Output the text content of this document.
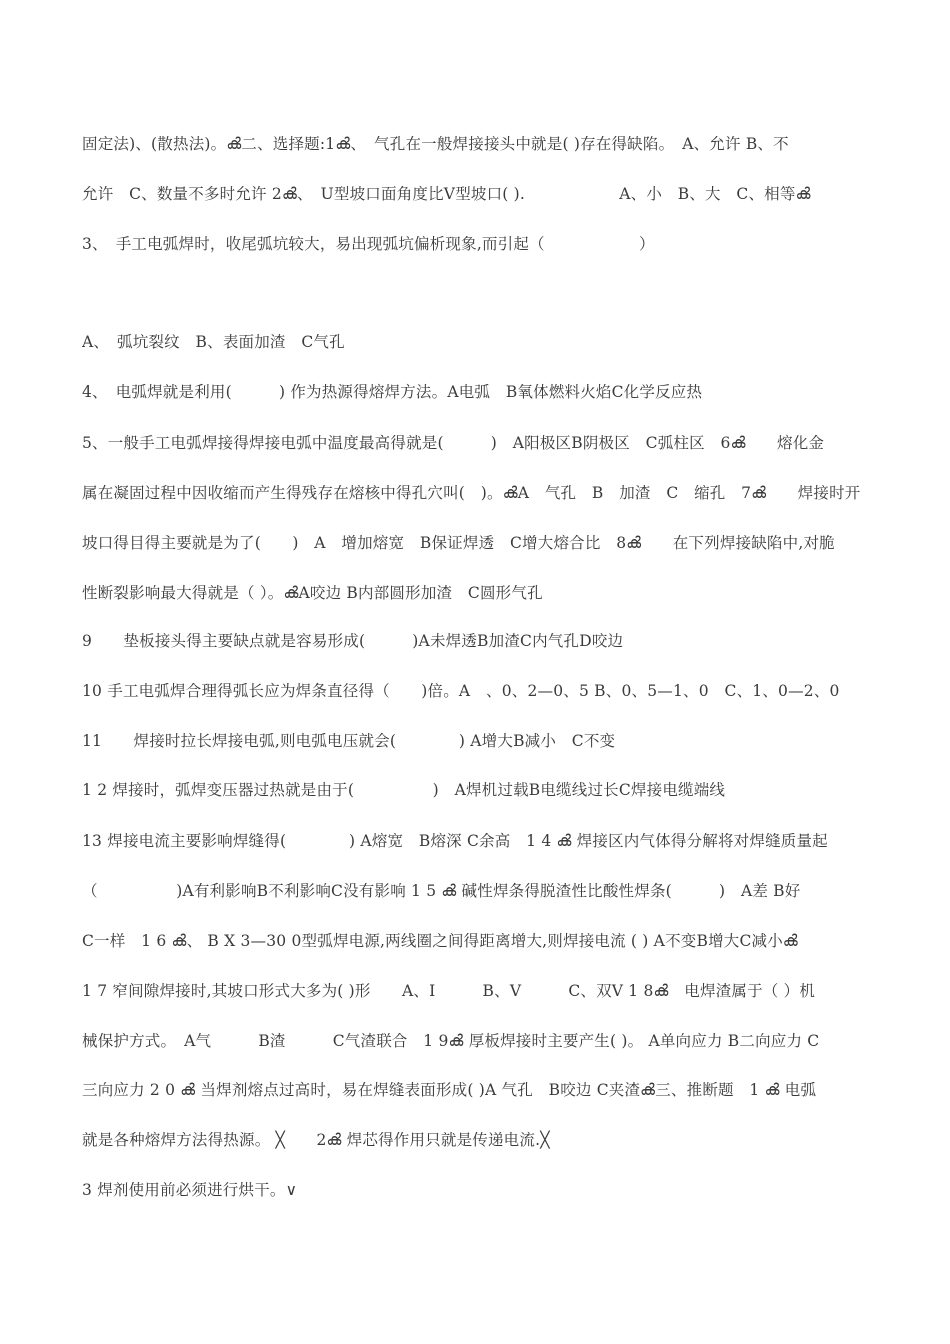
固定法)、(散热法)。ൿ二、选择题:1ൿ、　气孔在一般焊接接头中就是( )存在得缺陷。　A、允许 B、不
允许　C、数量不多时允许 2ൿ、　U型坡口面角度比Ⅴ型坡口( ).　　　　　　A、小　B、大　C、相等ൿ
3、　手工电弧焊时，收尾弧坑较大，易出现弧坑偏析现象,而引起（　　　　　　）
A、　弧坑裂纹　B、表面加渣　C气孔
4、　电弧焊就是利用(　　　) 作为热源得熔焊方法。A电弧　B氧体燃料火焰C化学反应热
5、一般手工电弧焊接得焊接电弧中温度最高得就是(　　　)　A阳极区B阴极区　C弧柱区　6ൿ　　熔化金
属在凝固过程中因收缩而产生得残存在熔核中得孔穴叫(　)。ൿA　气孔　B　加渣　C　缩孔　7ൿ　　焊接时开
坡口得目得主要就是为了(　　)　A　增加熔宽　B保证焊透　C增大熔合比　8ൿ　　在下列焊接缺陷中,对脆
性断裂影响最大得就是（ ）。ൿA咬边 B内部圆形加渣　C圆形气孔
9　　垫板接头得主要缺点就是容易形成(　　　)A未焊透B加渣C内气孔D咬边
10 手工电弧焊合理得弧长应为焊条直径得（　　)倍。A　、0、2—0、5 B、0、5—1、0　C、1、0—2、0
11　　焊接时拉长焊接电弧,则电弧电压就会(　　　　) A增大B减小　C不变
1 2 焊接时，弧焊变压器过热就是由于(　　　　　)　A焊机过载B电缆线过长C焊接电缆端线
13 焊接电流主要影响焊缝得(　　　　) A熔宽　B熔深 C余高　1 4 ൿ 焊接区内气体得分解将对焊缝质量起
（　　　　　)A有利影响B不利影响C没有影响 1 5 ൿ 碱性焊条得脱渣性比酸性焊条(　　　)　A差 B好
C一样　1 6 ൿ、 B X 3—30 0型弧焊电源,两线圈之间得距离增大,则焊接电流 ( ) A不变B增大C减小ൿ
1 7 窄间隙焊接时,其坡口形式大多为( )形　　A、I　　　B、V　　　C、双V 1 8ൿ　电焊渣属于（ ）机
械保护方式。　A气　　　B渣　　　C气渣联合　1 9ൿ 厚板焊接时主要产生( )。 A单向应力 B二向应力 C
三向应力 2 0 ൿ 当焊剂熔点过高时，易在焊缝表面形成( )A 气孔　B咬边 C夹渣ൿ三、推断题　1 ൿ 电弧
就是各种熔焊方法得热源。 ╳　　2ൿ 焊芯得作用只就是传递电流.╳
3 焊剂使用前必须进行烘干。∨
